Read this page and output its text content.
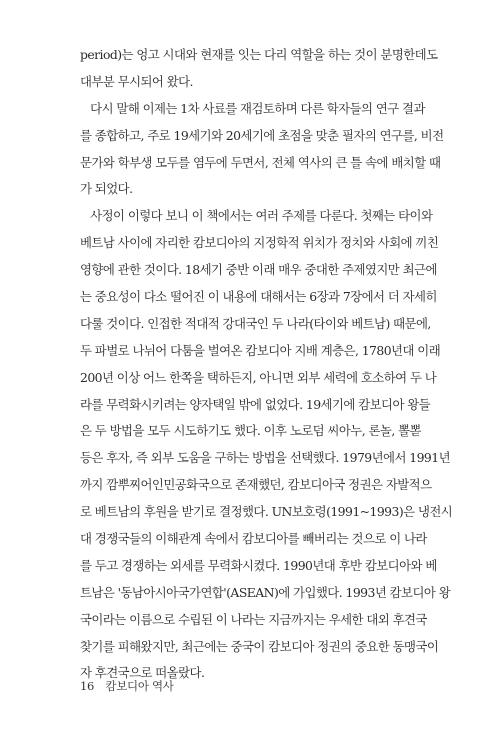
period)는 엉고 시대와 현재를 잇는 다리 역할을 하는 것이 분명한데도
대부분 무시되어 왔다.
다시 말해 이제는 1차 사료를 재검토하며 다른 학자들의 연구 결과
를 종합하고, 주로 19세기와 20세기에 초점을 맞춘 필자의 연구를, 비전
문가와 학부생 모두를 염두에 두면서, 전체 역사의 큰 틀 속에 배치할 때
가 되었다.
사정이 이렇다 보니 이 책에서는 여러 주제를 다룬다. 첫째는 타이와
베트남 사이에 자리한 캄보디아의 지정학적 위치가 정치와 사회에 끼친
영향에 관한 것이다. 18세기 중반 이래 매우 중대한 주제였지만 최근에
는 중요성이 다소 떨어진 이 내용에 대해서는 6장과 7장에서 더 자세히
다룰 것이다. 인접한 적대적 강대국인 두 나라(타이와 베트남) 때문에,
두 파벌로 나뉘어 다툼을 벌여온 캄보디아 지배 계층은, 1780년대 이래
200년 이상 어느 한쪽을 택하든지, 아니면 외부 세력에 호소하여 두 나
라를 무력화시키려는 양자택일 밖에 없었다. 19세기에 캄보디아 왕들
은 두 방법을 모두 시도하기도 했다. 이후 노로덤 씨아누, 론놀, 뽈뽇
등은 후자, 즉 외부 도움을 구하는 방법을 선택했다. 1979년에서 1991년
까지 깜뿌찌어인민공화국으로 존재했던, 캄보디아국 정권은 자발적으
로 베트남의 후원을 받기로 결정했다. UN보호령(1991~1993)은 냉전시
대 경쟁국들의 이해관계 속에서 캄보디아를 빼버리는 것으로 이 나라
를 두고 경쟁하는 외세를 무력화시켰다. 1990년대 후반 캄보디아와 베
트남은 '동남아시아국가연합'(ASEAN)에 가입했다. 1993년 캄보디아 왕
국이라는 이름으로 수립된 이 나라는 지금까지는 우세한 대외 후견국
찾기를 피해왔지만, 최근에는 중국이 캄보디아 정권의 중요한 동맹국이
자 후견국으로 떠올랐다.
16 캄보디아 역사
